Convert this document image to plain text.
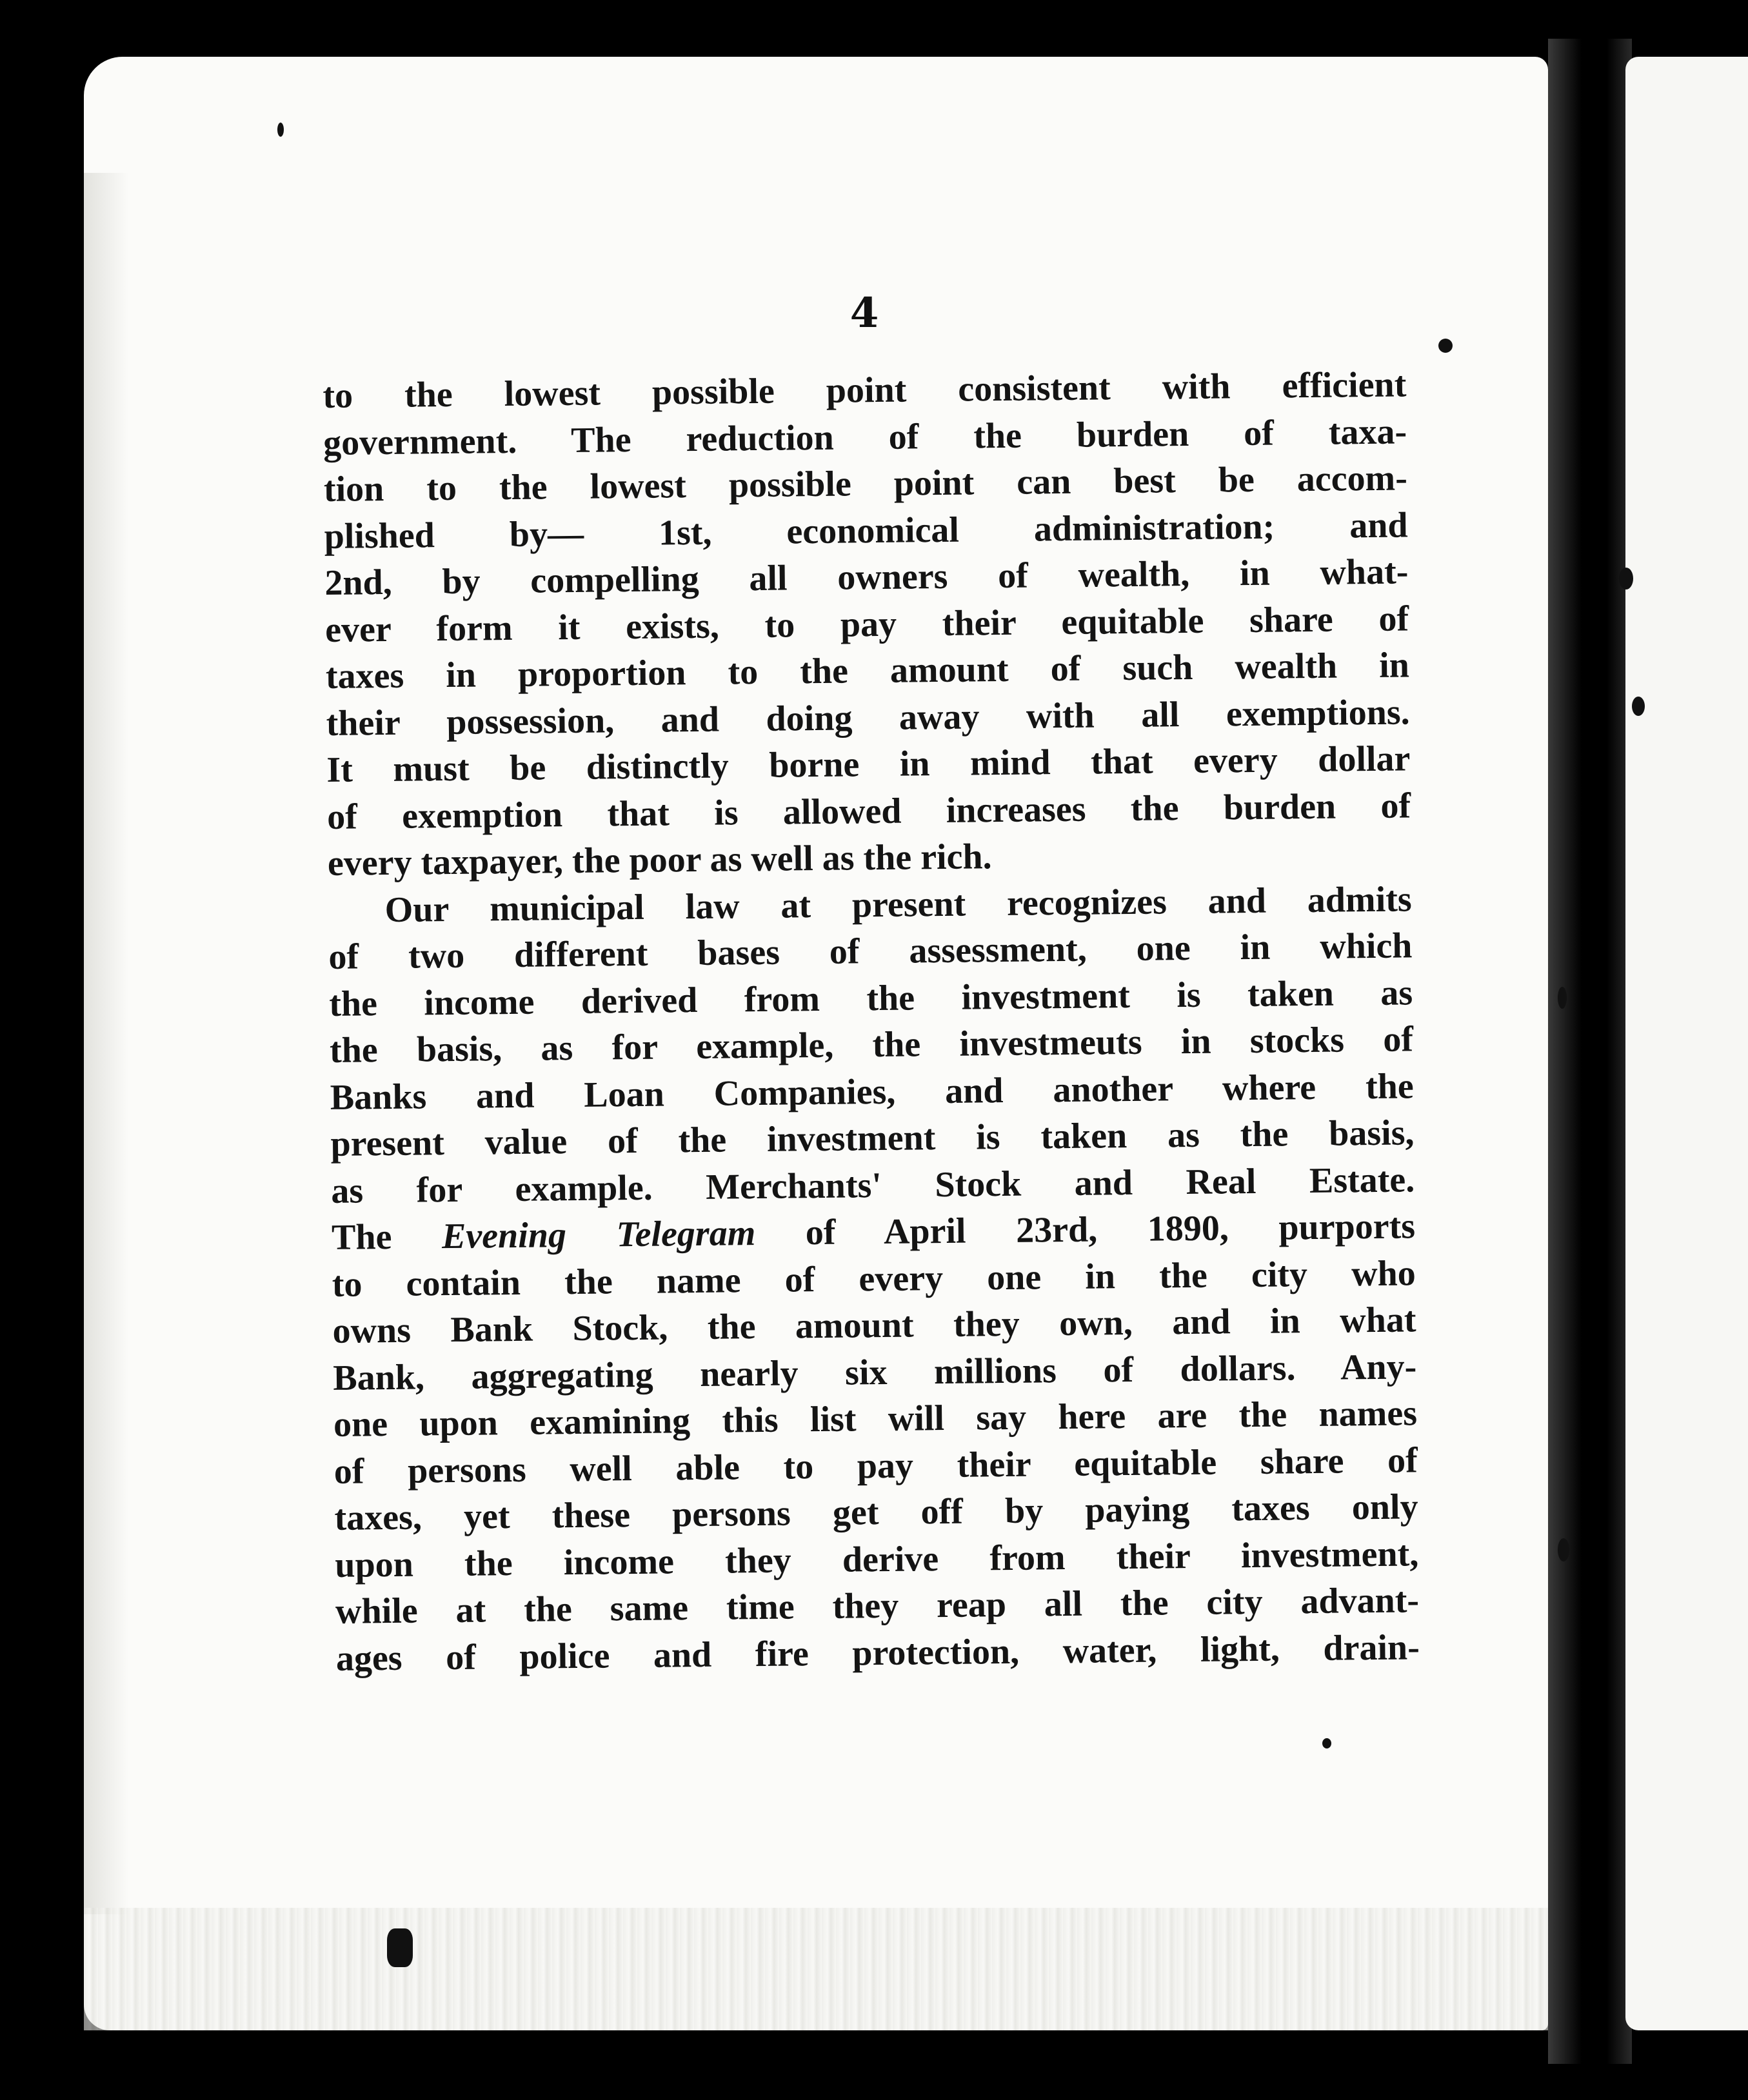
4
to the lowest possible point consistent with efficient
government. The reduction of the burden of taxa-
tion to the lowest possible point can best be accom-
plished by— 1st, economical administration; and
2nd, by compelling all owners of wealth, in what-
ever form it exists, to pay their equitable share of
taxes in proportion to the amount of such wealth in
their possession, and doing away with all exemptions.
It must be distinctly borne in mind that every dollar
of exemption that is allowed increases the burden of
every taxpayer, the poor as well as the rich.
Our municipal law at present recognizes and admits
of two different bases of assessment, one in which
the income derived from the investment is taken as
the basis, as for example, the investmeuts in stocks of
Banks and Loan Companies, and another where the
present value of the investment is taken as the basis,
as for example. Merchants' Stock and Real Estate.
The Evening Telegram of April 23rd, 1890, purports
to contain the name of every one in the city who
owns Bank Stock, the amount they own, and in what
Bank, aggregating nearly six millions of dollars. Any-
one upon examining this list will say here are the names
of persons well able to pay their equitable share of
taxes, yet these persons get off by paying taxes only
upon the income they derive from their investment,
while at the same time they reap all the city advant-
ages of police and fire protection, water, light, drain-
